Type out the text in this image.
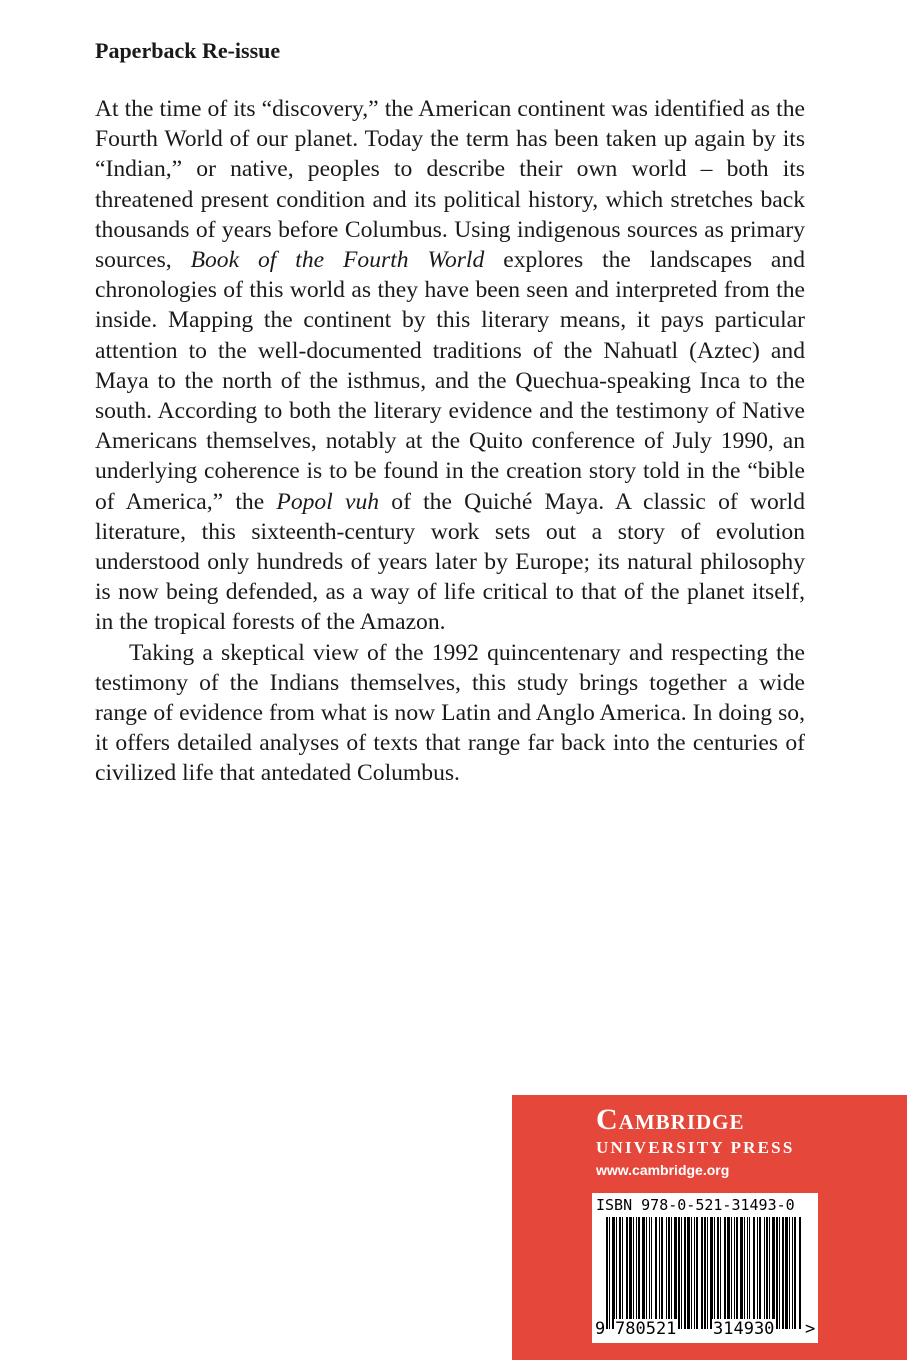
Paperback Re-issue

At the time of its “discovery,” the American continent was identified as the Fourth World of our planet. Today the term has been taken up again by its “Indian,” or native, peoples to describe their own world – both its threatened present condition and its political history, which stretches back thousands of years before Columbus. Using indigenous sources as primary sources, Book of the Fourth World explores the landscapes and chronologies of this world as they have been seen and interpreted from the inside. Mapping the continent by this literary means, it pays particular attention to the well-documented traditions of the Nahuatl (Aztec) and Maya to the north of the isthmus, and the Quechua-speaking Inca to the south. According to both the literary evidence and the testimony of Native Americans themselves, notably at the Quito conference of July 1990, an underlying coherence is to be found in the creation story told in the “bible of America,” the Popol vuh of the Quiché Maya. A classic of world literature, this sixteenth-century work sets out a story of evolution understood only hundreds of years later by Europe; its natural philosophy is now being defended, as a way of life critical to that of the planet itself, in the tropical forests of the Amazon.

Taking a skeptical view of the 1992 quincentenary and respecting the testimony of the Indians themselves, this study brings together a wide range of evidence from what is now Latin and Anglo America. In doing so, it offers detailed analyses of texts that range far back into the centuries of civilized life that antedated Columbus.

Cambridge
UNIVERSITY PRESS
www.cambridge.org
ISBN 978-0-521-31493-0
9 780521 314930 >
